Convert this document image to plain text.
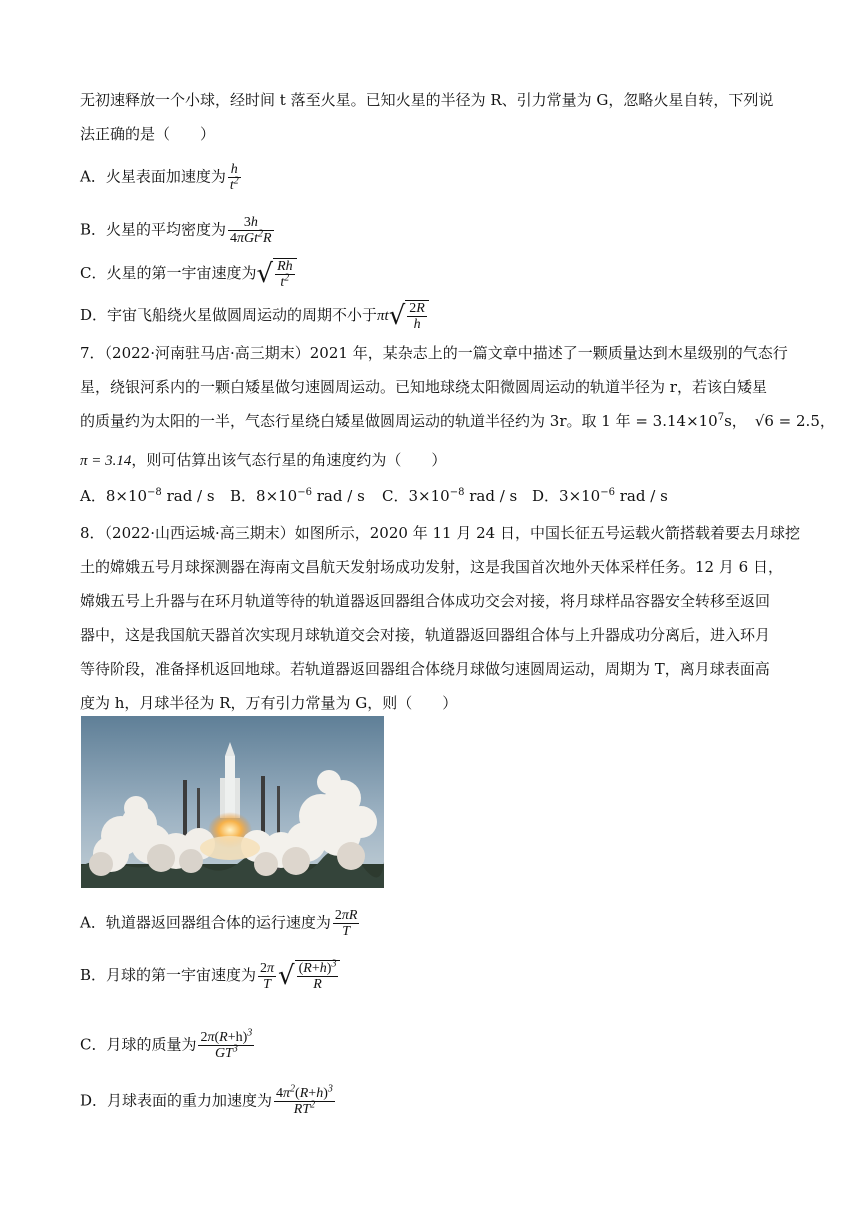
无初速释放一个小球，经时间 t 落至火星。已知火星的半径为 R、引力常量为 G，忽略火星自转，下列说
法正确的是（　　）
A．火星表面加速度为 $\frac{h}{t^2}$
B．火星的平均密度为 $\frac{3h}{4\pi Gt^2R}$
C．火星的第一宇宙速度为√ $\frac{Rh}{t^2}$
D．宇宙飞船绕火星做圆周运动的周期不小于$\pi t√ \frac{2R}{h}$
7．（2022·河南驻马店·高三期末）2021 年，某杂志上的一篇文章中描述了一颗质量达到木星级别的气态行
星，绕银河系内的一颗白矮星做匀速圆周运动。已知地球绕太阳微圆周运动的轨道半径为 r，若该白矮星
的质量约为太阳的一半，气态行星绕白矮星做圆周运动的轨道半径约为 3r。取 1 年 = $3.14\times 10^7s$， √6 = 2.5，
π = 3.14，则可估算出该气态行星的角速度约为（　　）
A．$8\times 10^{-8}$ rad / s B．$8\times 10^{-6}$ rad / s C．$3\times 10^{-8}$ rad / s D．$3\times 10^{-6}$ rad / s
8．（2022·山西运城·高三期末）如图所示，2020 年 11 月 24 日，中国长征五号运载火箭搭载着要去月球挖
土的嫦娥五号月球探测器在海南文昌航天发射场成功发射，这是我国首次地外天体采样任务。12 月 6 日，
嫦娥五号上升器与在环月轨道等待的轨道器返回器组合体成功交会对接，将月球样品容器安全转移至返回
器中，这是我国航天器首次实现月球轨道交会对接，轨道器返回器组合体与上升器成功分离后，进入环月
等待阶段，准备择机返回地球。若轨道器返回器组合体绕月球做匀速圆周运动，周期为 T，离月球表面高
度为 h，月球半径为 R，万有引力常量为 G，则（　　）
A．轨道器返回器组合体的运行速度为 $\frac{2\pi R}{T}$
B．月球的第一宇宙速度为 $\frac{2\pi}{T}$ √ $\frac{(R+h)^3}{R}$
C．月球的质量为 $\frac{2\pi(R+h)^3}{GT^3}$
D．月球表面的重力加速度为 $\frac{4\pi^2(R+h)^3}{RT^2}$
